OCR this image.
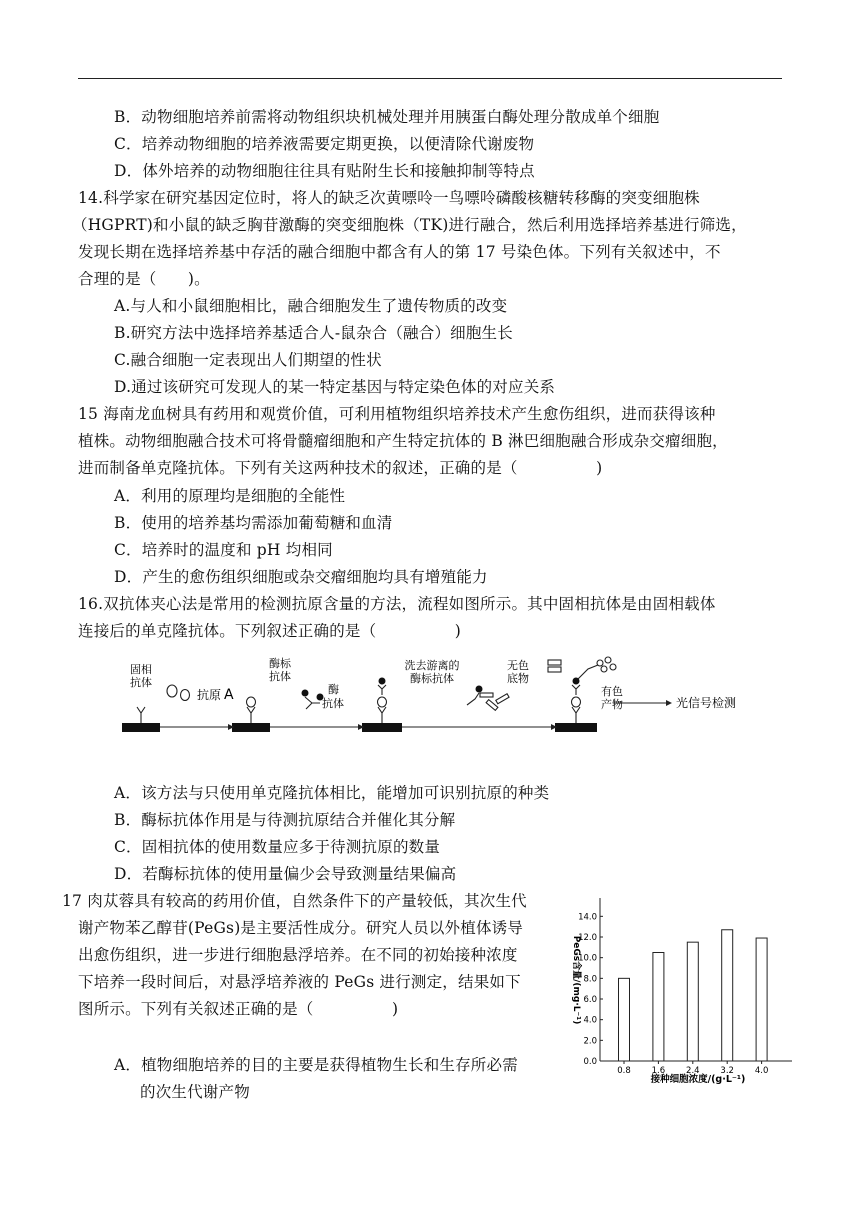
B．动物细胞培养前需将动物组织块机械处理并用胰蛋白酶处理分散成单个细胞
C．培养动物细胞的培养液需要定期更换，以便清除代谢废物
D．体外培养的动物细胞往往具有贴附生长和接触抑制等特点
14.科学家在研究基因定位时，将人的缺乏次黄嘌呤一鸟嘌呤磷酸核糖转移酶的突变细胞株
（HGPRT)和小鼠的缺乏胸苷激酶的突变细胞株（TK)进行融合，然后利用选择培养基进行筛选，
发现长期在选择培养基中存活的融合细胞中都含有人的第 17 号染色体。下列有关叙述中，不
合理的是（　　)。
A.与人和小鼠细胞相比，融合细胞发生了遗传物质的改变
B.研究方法中选择培养基适合人-鼠杂合（融合）细胞生长
C.融合细胞一定表现出人们期望的性状
D.通过该研究可发现人的某一特定基因与特定染色体的对应关系
15 海南龙血树具有药用和观赏价值，可利用植物组织培养技术产生愈伤组织，进而获得该种
植株。动物细胞融合技术可将骨髓瘤细胞和产生特定抗体的 B 淋巴细胞融合形成杂交瘤细胞，
进而制备单克隆抗体。下列有关这两种技术的叙述，正确的是（　　　　　)
A．利用的原理均是细胞的全能性
B．使用的培养基均需添加葡萄糖和血清
C．培养时的温度和 pH 均相同
D．产生的愈伤组织细胞或杂交瘤细胞均具有增殖能力
16.双抗体夹心法是常用的检测抗原含量的方法，流程如图所示。其中固相抗体是由固相载体
连接后的单克隆抗体。下列叙述正确的是（　　　　　)
固相
抗体
抗原 A
酶标
抗体
酶
抗体
洗去游离的
酶标抗体
无色
底物
有色
产物	光信号检测
A．该方法与只使用单克隆抗体相比，能增加可识别抗原的种类
B．酶标抗体作用是与待测抗原结合并催化其分解
C．固相抗体的使用数量应多于待测抗原的数量
D．若酶标抗体的使用量偏少会导致测量结果偏高
17 肉苁蓉具有较高的药用价值，自然条件下的产量较低，其次生代
谢产物苯乙醇苷(PeGs)是主要活性成分。研究人员以外植体诱导
出愈伤组织，进一步进行细胞悬浮培养。在不同的初始接种浓度
下培养一段时间后，对悬浮培养液的 PeGs 进行测定，结果如下
图所示。下列有关叙述正确的是（　　　　　)
A．植物细胞培养的目的主要是获得植物生长和生存所必需
的次生代谢产物
PeGs含量/(mg·L⁻¹)
接种细胞浓度/(g·L⁻¹)
0.0
2.0
4.0
6.0
8.0
10.0
12.0
14.0
0.8 1.6 2.4 3.2 4.0
